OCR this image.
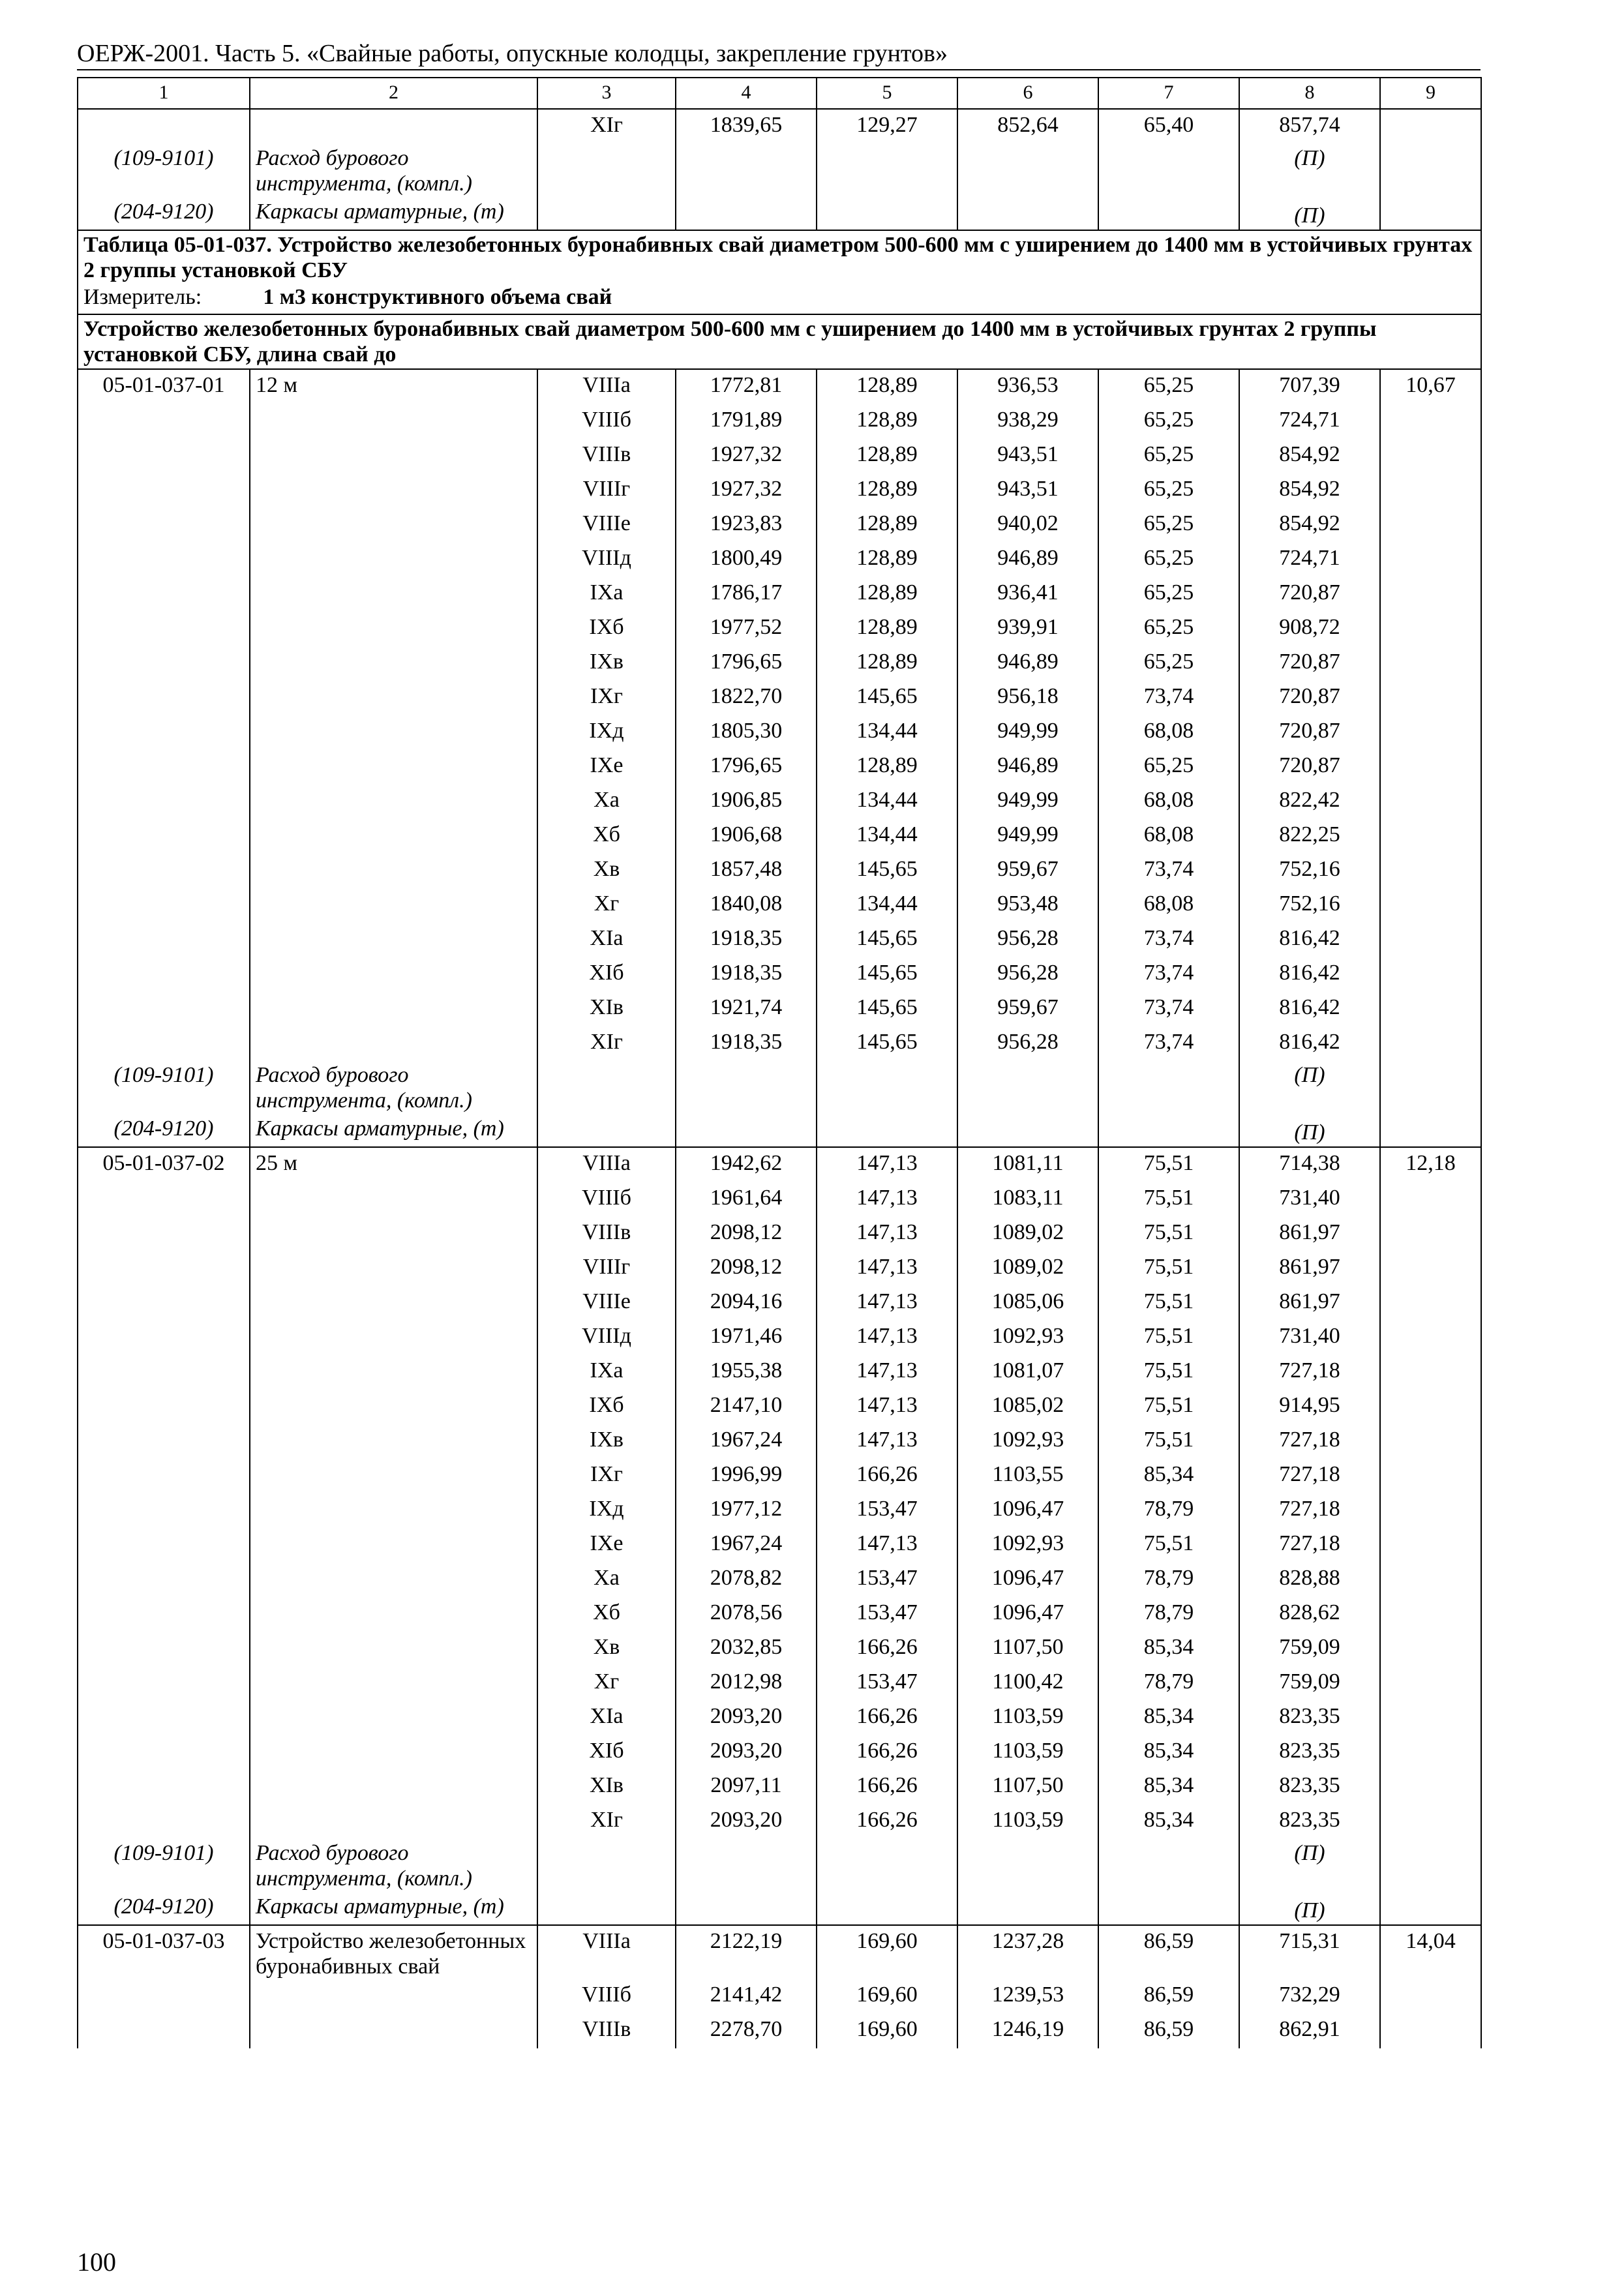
ОЕРЖ-2001. Часть 5. «Свайные работы, опускные колодцы, закрепление грунтов»
1	2	3	4	5	6	7	8	9
		XIг	1839,65	129,27	852,64	65,40	857,74	
(109-9101)	Расход бурового инструмента, (компл.)						(П)	
(204-9120)	Каркасы арматурные, (т)						(П)	
Таблица 05-01-037. Устройство железобетонных буронабивных свай диаметром 500-600 мм с уширением до 1400 мм в устойчивых грунтах 2 группы установкой СБУ								
Измеритель: 1 м3 конструктивного объема свай								
Устройство железобетонных буронабивных свай диаметром 500-600 мм с уширением до 1400 мм в устойчивых грунтах 2 группы установкой СБУ, длина свай до								
05-01-037-01	12 м	VIIIa	1772,81	128,89	936,53	65,25	707,39	10,67
		VIIIб	1791,89	128,89	938,29	65,25	724,71	
		VIIIв	1927,32	128,89	943,51	65,25	854,92	
		VIIIг	1927,32	128,89	943,51	65,25	854,92	
		VIIIе	1923,83	128,89	940,02	65,25	854,92	
		VIIIд	1800,49	128,89	946,89	65,25	724,71	
		IXa	1786,17	128,89	936,41	65,25	720,87	
		IXб	1977,52	128,89	939,91	65,25	908,72	
		IXв	1796,65	128,89	946,89	65,25	720,87	
		IXг	1822,70	145,65	956,18	73,74	720,87	
		IXд	1805,30	134,44	949,99	68,08	720,87	
		IXе	1796,65	128,89	946,89	65,25	720,87	
		Xa	1906,85	134,44	949,99	68,08	822,42	
		Xб	1906,68	134,44	949,99	68,08	822,25	
		Xв	1857,48	145,65	959,67	73,74	752,16	
		Xг	1840,08	134,44	953,48	68,08	752,16	
		XIa	1918,35	145,65	956,28	73,74	816,42	
		XIб	1918,35	145,65	956,28	73,74	816,42	
		XIв	1921,74	145,65	959,67	73,74	816,42	
		XIг	1918,35	145,65	956,28	73,74	816,42	
(109-9101)	Расход бурового инструмента, (компл.)						(П)	
(204-9120)	Каркасы арматурные, (т)						(П)	
05-01-037-02	25 м	VIIIa	1942,62	147,13	1081,11	75,51	714,38	12,18
		VIIIб	1961,64	147,13	1083,11	75,51	731,40	
		VIIIв	2098,12	147,13	1089,02	75,51	861,97	
		VIIIг	2098,12	147,13	1089,02	75,51	861,97	
		VIIIе	2094,16	147,13	1085,06	75,51	861,97	
		VIIIд	1971,46	147,13	1092,93	75,51	731,40	
		IXa	1955,38	147,13	1081,07	75,51	727,18	
		IXб	2147,10	147,13	1085,02	75,51	914,95	
		IXв	1967,24	147,13	1092,93	75,51	727,18	
		IXг	1996,99	166,26	1103,55	85,34	727,18	
		IXд	1977,12	153,47	1096,47	78,79	727,18	
		IXе	1967,24	147,13	1092,93	75,51	727,18	
		Xa	2078,82	153,47	1096,47	78,79	828,88	
		Xб	2078,56	153,47	1096,47	78,79	828,62	
		Xв	2032,85	166,26	1107,50	85,34	759,09	
		Xг	2012,98	153,47	1100,42	78,79	759,09	
		XIa	2093,20	166,26	1103,59	85,34	823,35	
		XIб	2093,20	166,26	1103,59	85,34	823,35	
		XIв	2097,11	166,26	1107,50	85,34	823,35	
		XIг	2093,20	166,26	1103,59	85,34	823,35	
(109-9101)	Расход бурового инструмента, (компл.)						(П)	
(204-9120)	Каркасы арматурные, (т)						(П)	
05-01-037-03	Устройство железобетонных буронабивных свай	VIIIa	2122,19	169,60	1237,28	86,59	715,31	14,04
		VIIIб	2141,42	169,60	1239,53	86,59	732,29	
		VIIIв	2278,70	169,60	1246,19	86,59	862,91	
100
